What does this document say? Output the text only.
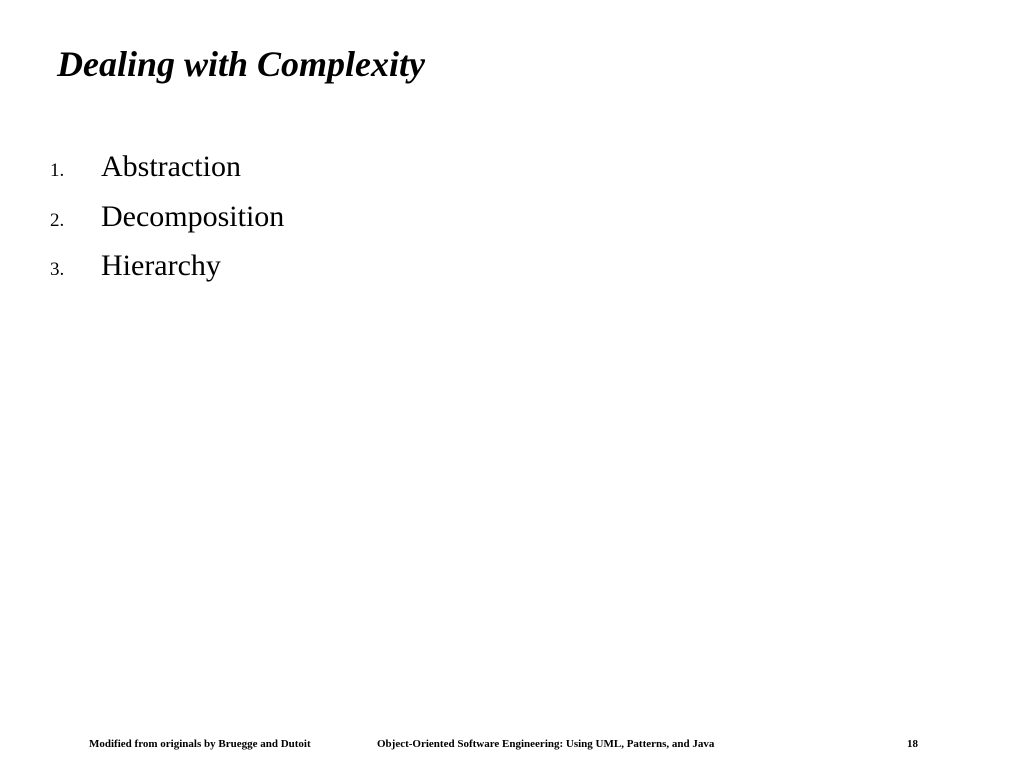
Dealing with Complexity
1.	Abstraction
2.	Decomposition
3.	Hierarchy
Modified from originals by Bruegge and Dutoit	Object-Oriented Software Engineering: Using UML, Patterns, and Java	18
